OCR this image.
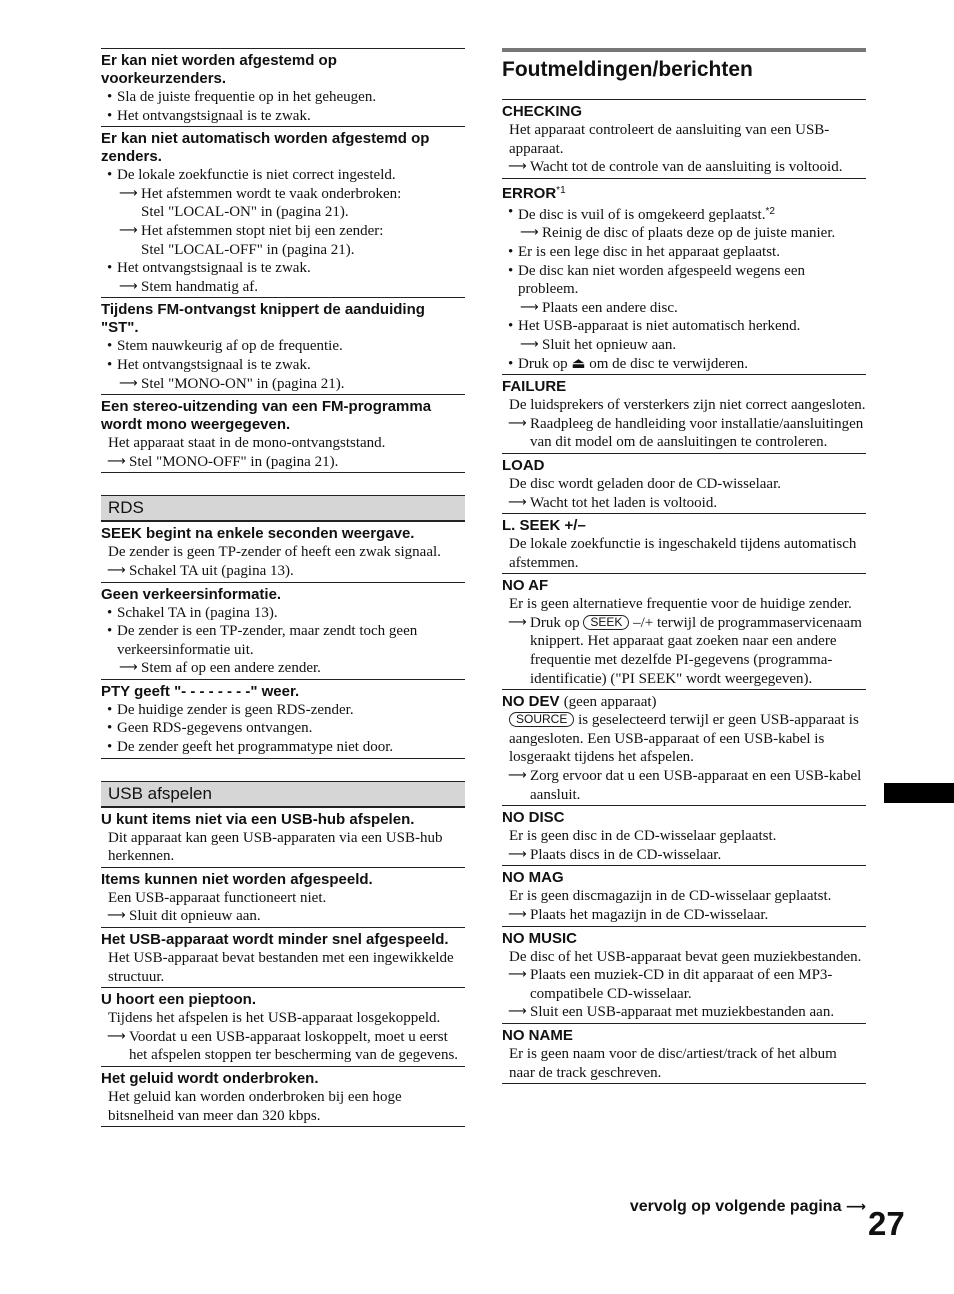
Er kan niet worden afgestemd op voorkeurzenders.
• Sla de juiste frequentie op in het geheugen.
• Het ontvangstsignaal is te zwak.
Er kan niet automatisch worden afgestemd op zenders.
• De lokale zoekfunctie is niet correct ingesteld.
⟶ Het afstemmen wordt te vaak onderbroken:
Stel "LOCAL-ON" in (pagina 21).
⟶ Het afstemmen stopt niet bij een zender:
Stel "LOCAL-OFF" in (pagina 21).
• Het ontvangstsignaal is te zwak.
⟶ Stem handmatig af.
Tijdens FM-ontvangst knippert de aanduiding "ST".
• Stem nauwkeurig af op de frequentie.
• Het ontvangstsignaal is te zwak.
⟶ Stel "MONO-ON" in (pagina 21).
Een stereo-uitzending van een FM-programma wordt mono weergegeven.
Het apparaat staat in de mono-ontvangststand.
⟶ Stel "MONO-OFF" in (pagina 21).
RDS
SEEK begint na enkele seconden weergave.
De zender is geen TP-zender of heeft een zwak signaal.
⟶ Schakel TA uit (pagina 13).
Geen verkeersinformatie.
• Schakel TA in (pagina 13).
• De zender is een TP-zender, maar zendt toch geen verkeersinformatie uit.
⟶ Stem af op een andere zender.
PTY geeft "- - - - - - - -" weer.
• De huidige zender is geen RDS-zender.
• Geen RDS-gegevens ontvangen.
• De zender geeft het programmatype niet door.
USB afspelen
U kunt items niet via een USB-hub afspelen.
Dit apparaat kan geen USB-apparaten via een USB-hub herkennen.
Items kunnen niet worden afgespeeld.
Een USB-apparaat functioneert niet.
⟶ Sluit dit opnieuw aan.
Het USB-apparaat wordt minder snel afgespeeld.
Het USB-apparaat bevat bestanden met een ingewikkelde structuur.
U hoort een pieptoon.
Tijdens het afspelen is het USB-apparaat losgekoppeld.
⟶ Voordat u een USB-apparaat loskoppelt, moet u eerst het afspelen stoppen ter bescherming van de gegevens.
Het geluid wordt onderbroken.
Het geluid kan worden onderbroken bij een hoge bitsnelheid van meer dan 320 kbps.
Foutmeldingen/berichten
CHECKING
Het apparaat controleert de aansluiting van een USB-apparaat.
⟶ Wacht tot de controle van de aansluiting is voltooid.
ERROR$^{*1}$
• De disc is vuil of is omgekeerd geplaatst.$^{*2}$
⟶ Reinig de disc of plaats deze op de juiste manier.
• Er is een lege disc in het apparaat geplaatst.
• De disc kan niet worden afgespeeld wegens een probleem.
⟶ Plaats een andere disc.
• Het USB-apparaat is niet automatisch herkend.
⟶ Sluit het opnieuw aan.
• Druk op ⏏ om de disc te verwijderen.
FAILURE
De luidsprekers of versterkers zijn niet correct aangesloten.
⟶ Raadpleeg de handleiding voor installatie/aansluitingen van dit model om de aansluitingen te controleren.
LOAD
De disc wordt geladen door de CD-wisselaar.
⟶ Wacht tot het laden is voltooid.
L. SEEK +/–
De lokale zoekfunctie is ingeschakeld tijdens automatisch afstemmen.
NO AF
Er is geen alternatieve frequentie voor de huidige zender.
⟶ Druk op SEEK –/+ terwijl de programmaservicenaam knippert. Het apparaat gaat zoeken naar een andere frequentie met dezelfde PI-gegevens (programma-identificatie) ("PI SEEK" wordt weergegeven).
NO DEV (geen apparaat)
SOURCE is geselecteerd terwijl er geen USB-apparaat is aangesloten. Een USB-apparaat of een USB-kabel is losgeraakt tijdens het afspelen.
⟶ Zorg ervoor dat u een USB-apparaat en een USB-kabel aansluit.
NO DISC
Er is geen disc in de CD-wisselaar geplaatst.
⟶ Plaats discs in de CD-wisselaar.
NO MAG
Er is geen discmagazijn in de CD-wisselaar geplaatst.
⟶ Plaats het magazijn in de CD-wisselaar.
NO MUSIC
De disc of het USB-apparaat bevat geen muziekbestanden.
⟶ Plaats een muziek-CD in dit apparaat of een MP3-compatibele CD-wisselaar.
⟶ Sluit een USB-apparaat met muziekbestanden aan.
NO NAME
Er is geen naam voor de disc/artiest/track of het album naar de track geschreven.
vervolg op volgende pagina ⟶ 27
